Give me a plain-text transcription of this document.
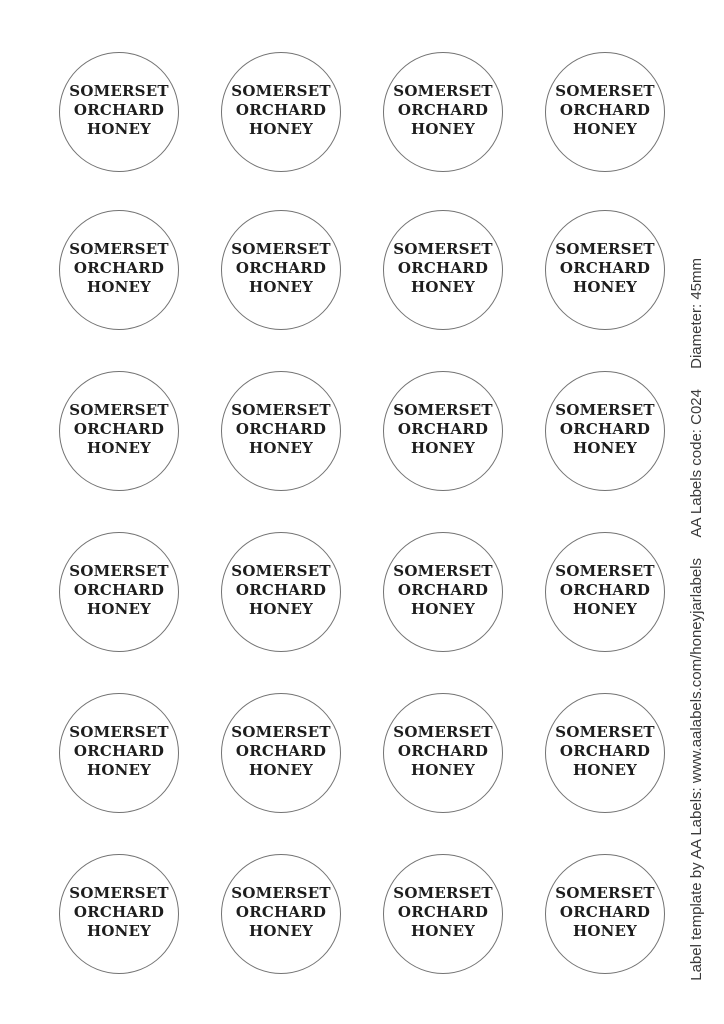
SOMERSET
ORCHARD
HONEY
SOMERSET
ORCHARD
HONEY
SOMERSET
ORCHARD
HONEY
SOMERSET
ORCHARD
HONEY
SOMERSET
ORCHARD
HONEY
SOMERSET
ORCHARD
HONEY
SOMERSET
ORCHARD
HONEY
SOMERSET
ORCHARD
HONEY
SOMERSET
ORCHARD
HONEY
SOMERSET
ORCHARD
HONEY
SOMERSET
ORCHARD
HONEY
SOMERSET
ORCHARD
HONEY
SOMERSET
ORCHARD
HONEY
SOMERSET
ORCHARD
HONEY
SOMERSET
ORCHARD
HONEY
SOMERSET
ORCHARD
HONEY
SOMERSET
ORCHARD
HONEY
SOMERSET
ORCHARD
HONEY
SOMERSET
ORCHARD
HONEY
SOMERSET
ORCHARD
HONEY
SOMERSET
ORCHARD
HONEY
SOMERSET
ORCHARD
HONEY
SOMERSET
ORCHARD
HONEY
SOMERSET
ORCHARD
HONEY
Diameter: 45mm
AA Labels code: C024
Label template by AA Labels: www.aalabels.com/honeyjarlabels
